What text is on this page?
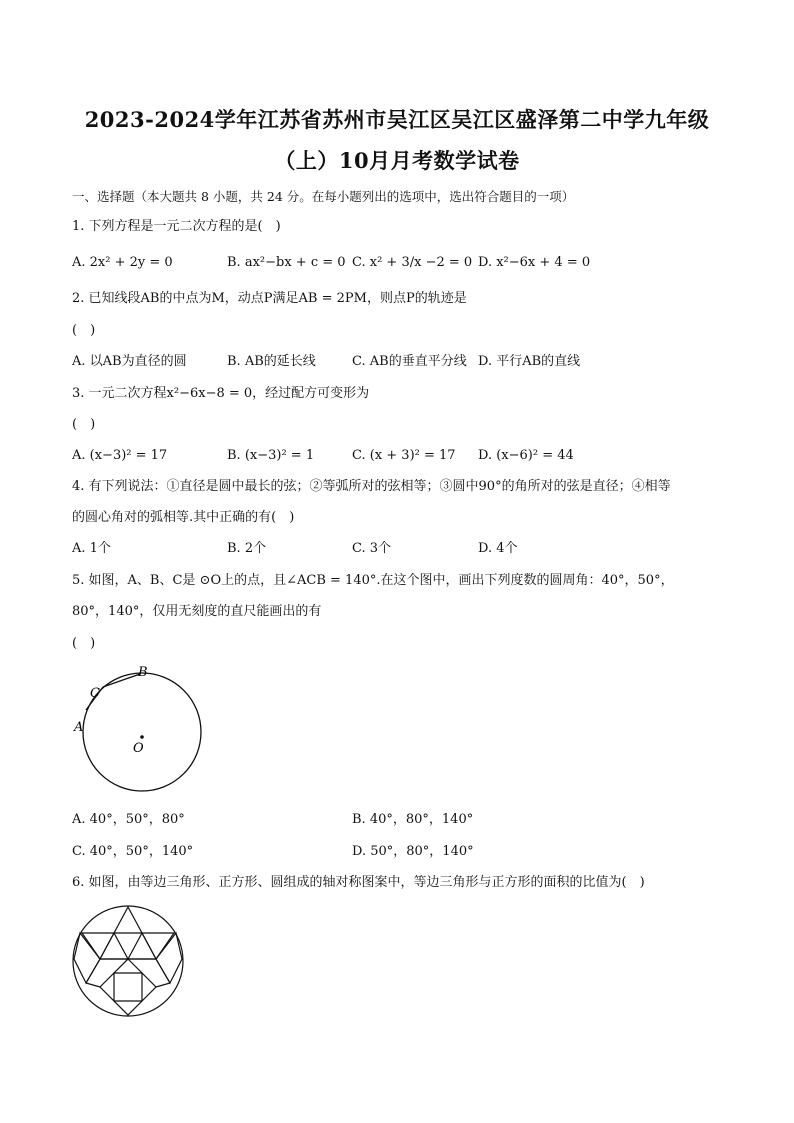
2023-2024学年江苏省苏州市吴江区吴江区盛泽第二中学九年级
（上）10月月考数学试卷
一、选择题（本大题共 8 小题，共 24 分。在每小题列出的选项中，选出符合题目的一项）
1. 下列方程是一元二次方程的是(　)
A. 2x² + 2y = 0	B. ax²−bx + c = 0 C. x² + 3/x −2 = 0 D. x²−6x + 4 = 0
2. 已知线段AB的中点为M，动点P满足AB = 2PM，则点P的轨迹是
(　)
A. 以AB为直径的圆	B. AB的延长线	C. AB的垂直平分线 D. 平行AB的直线
3. 一元二次方程x²−6x−8 = 0，经过配方可变形为
(　)
A. (x−3)² = 17	B. (x−3)² = 1	C. (x + 3)² = 17 D. (x−6)² = 44
4. 有下列说法：①直径是圆中最长的弦；②等弧所对的弦相等；③圆中90°的角所对的弦是直径；④相等
的圆心角对的弧相等.其中正确的有(　)
A. 1个	B. 2个	C. 3个	D. 4个
5. 如图，A、B、C是 ⊙O上的点，且∠ACB = 140°.在这个图中，画出下列度数的圆周角：40°，50°，
80°，140°，仅用无刻度的直尺能画出的有
(　)
A
C
B
O
A. 40°，50°，80°	B. 40°，80°，140°
C. 40°，50°，140°	D. 50°，80°，140°
6. 如图，由等边三角形、正方形、圆组成的轴对称图案中，等边三角形与正方形的面积的比值为(　)
